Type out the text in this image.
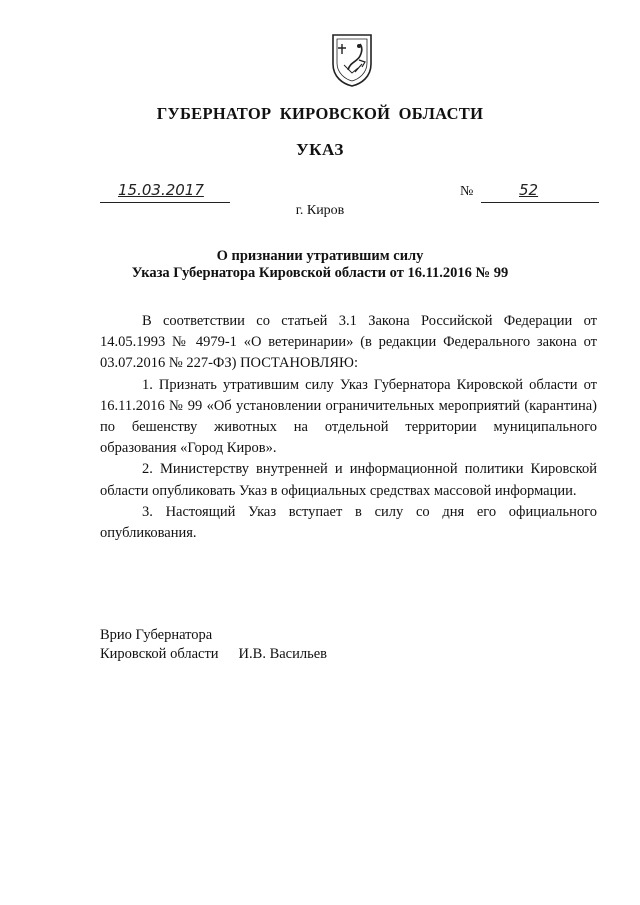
ГУБЕРНАТОР КИРОВСКОЙ ОБЛАСТИ
УКАЗ
15.03.2017	№	52
г. Киров
О признании утратившим силу
Указа Губернатора Кировской области от 16.11.2016 № 99

В соответствии со статьей 3.1 Закона Российской Федерации от 14.05.1993 № 4979-1 «О ветеринарии» (в редакции Федерального закона от 03.07.2016 № 227-ФЗ) ПОСТАНОВЛЯЮ:

1. Признать утратившим силу Указ Губернатора Кировской области от 16.11.2016 № 99 «Об установлении ограничительных мероприятий (карантина) по бешенству животных на отдельной территории муниципального образования «Город Киров».

2. Министерству внутренней и информационной политики Кировской области опубликовать Указ в официальных средствах массовой информации.

3. Настоящий Указ вступает в силу со дня его официального опубликования.

Врио Губернатора
Кировской области И.В. Васильев
